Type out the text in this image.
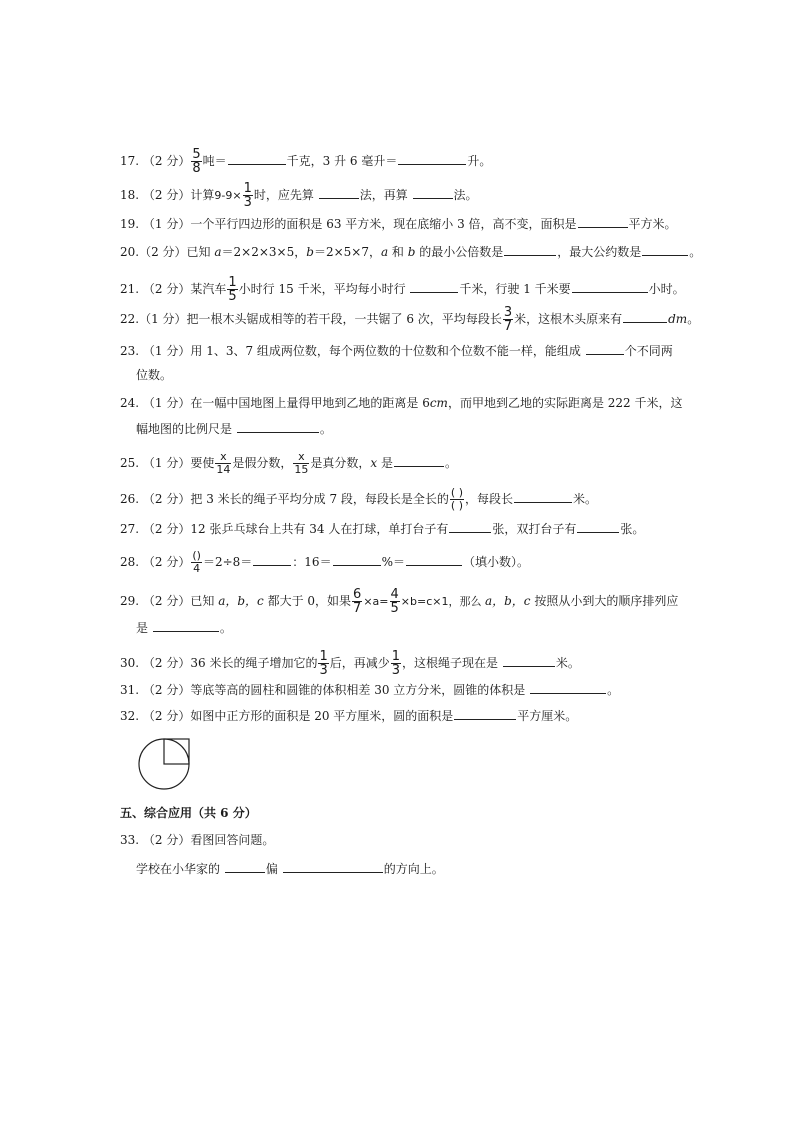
17. （2 分） $\frac{5}{8}$ 吨＝	千克，3 升 6 毫升＝	升。
18. （2 分）计算$9-9\times \frac{1}{3}$ 时，应先算	法，再算	法。
19. （1 分）一个平行四边形的面积是 63 平方米，现在底缩小 3 倍，高不变，面积是	平方米。
20.（2 分）已知 a＝2×2×3×5，b＝2×5×7，a 和 b 的最小公倍数是	，最大公约数是	。
21. （2 分）某汽车 $\frac{1}{5}$ 小时行 15 千米，平均每小时行	千米，行驶 1 千米要	小时。
22.（1 分）把一根木头锯成相等的若干段，一共锯了 6 次，平均每段长 $\frac{3}{7}$ 米，这根木头原来有	dm。
23. （1 分）用 1、3、7 组成两位数，每个两位数的十位数和个位数不能一样，能组成	个不同两
位数。
24. （1 分）在一幅中国地图上量得甲地到乙地的距离是 6cm，而甲地到乙地的实际距离是 222 千米，这
幅地图的比例尺是	。
25. （1 分）要使 $\frac{x}{14}$ 是假分数， $\frac{x}{15}$ 是真分数，x 是	。
26. （2 分）把 3 米长的绳子平均分成 7 段，每段长是全长的 $\frac{( )}{( )}$ ，每段长	米。
27. （2 分）12 张乒乓球台上共有 34 人在打球，单打台子有	张，双打台子有	张。
28. （2 分） $\frac{()}{4} =2\div 8=$	：16＝	%＝	（填小数）。
29. （2 分）已知 a，b，c 都大于 0，如果 $\frac{6}{7} \times a= \frac{4}{5} \times b=c\times 1$，那么 a，b，c 按照从小到大的顺序排列应
是	。
30. （2 分）36 米长的绳子增加它的 $\frac{1}{3}$ 后，再减少 $\frac{1}{3}$ ，这根绳子现在是	米。
31. （2 分）等底等高的圆柱和圆锥的体积相差 30 立方分米，圆锥的体积是	。
32. （2 分）如图中正方形的面积是 20 平方厘米，圆的面积是	平方厘米。
五、综合应用（共 6 分）
33. （2 分）看图回答问题。
学校在小华家的	偏	的方向上。
